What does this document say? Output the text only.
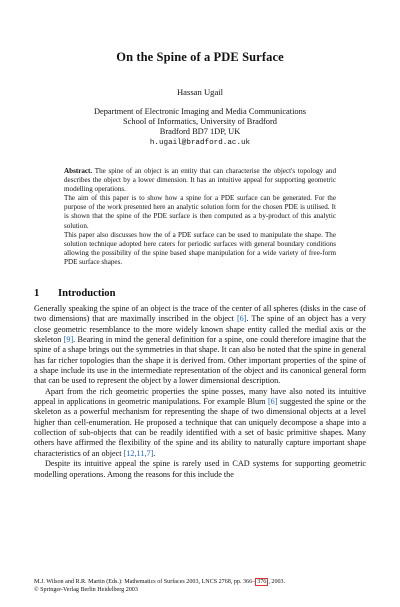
On the Spine of a PDE Surface
Hassan Ugail
Department of Electronic Imaging and Media Communications
School of Informatics, University of Bradford
Bradford BD7 1DP, UK
h.ugail@bradford.ac.uk

Abstract. The spine of an object is an entity that can characterise the object's topology and describes the object by a lower dimension. It has an intuitive appeal for supporting geometric modelling operations.

The aim of this paper is to show how a spine for a PDE surface can be generated. For the purpose of the work presented here an analytic solution form for the chosen PDE is utilised. It is shown that the spine of the PDE surface is then computed as a by-product of this analytic solution.

This paper also discusses how the of a PDE surface can be used to manipulate the shape. The solution technique adopted here caters for periodic surfaces with general boundary conditions allowing the possibility of the spine based shape manipulation for a wide variety of free-form PDE surface shapes.

1 Introduction

Generally speaking the spine of an object is the trace of the center of all spheres (disks in the case of two dimensions) that are maximally inscribed in the object [6]. The spine of an object has a very close geometric resemblance to the more widely known shape entity called the medial axis or the skeleton [9]. Bearing in mind the general definition for a spine, one could therefore imagine that the spine of a shape brings out the symmetries in that shape. It can also be noted that the spine in general has far richer topologies than the shape it is derived from. Other important properties of the spine of a shape include its use in the intermediate representation of the object and its canonical general form that can be used to represent the object by a lower dimensional description.

Apart from the rich geometric properties the spine posses, many have also noted its intuitive appeal in applications in geometric manipulations. For example Blum [6] suggested the spine or the skeleton as a powerful mechanism for representing the shape of two dimensional objects at a level higher than cell-enumeration. He proposed a technique that can uniquely decompose a shape into a collection of sub-objects that can be readily identified with a set of basic primitive shapes. Many others have affirmed the flexibility of the spine and its ability to naturally capture important shape characteristics of an object [12,11,7].

Despite its intuitive appeal the spine is rarely used in CAD systems for supporting geometric modelling operations. Among the reasons for this include the

M.J. Wilson and R.R. Martin (Eds.): Mathematics of Surfaces 2003, LNCS 2768, pp. 366– 376 , 2003.
© Springer-Verlag Berlin Heidelberg 2003
